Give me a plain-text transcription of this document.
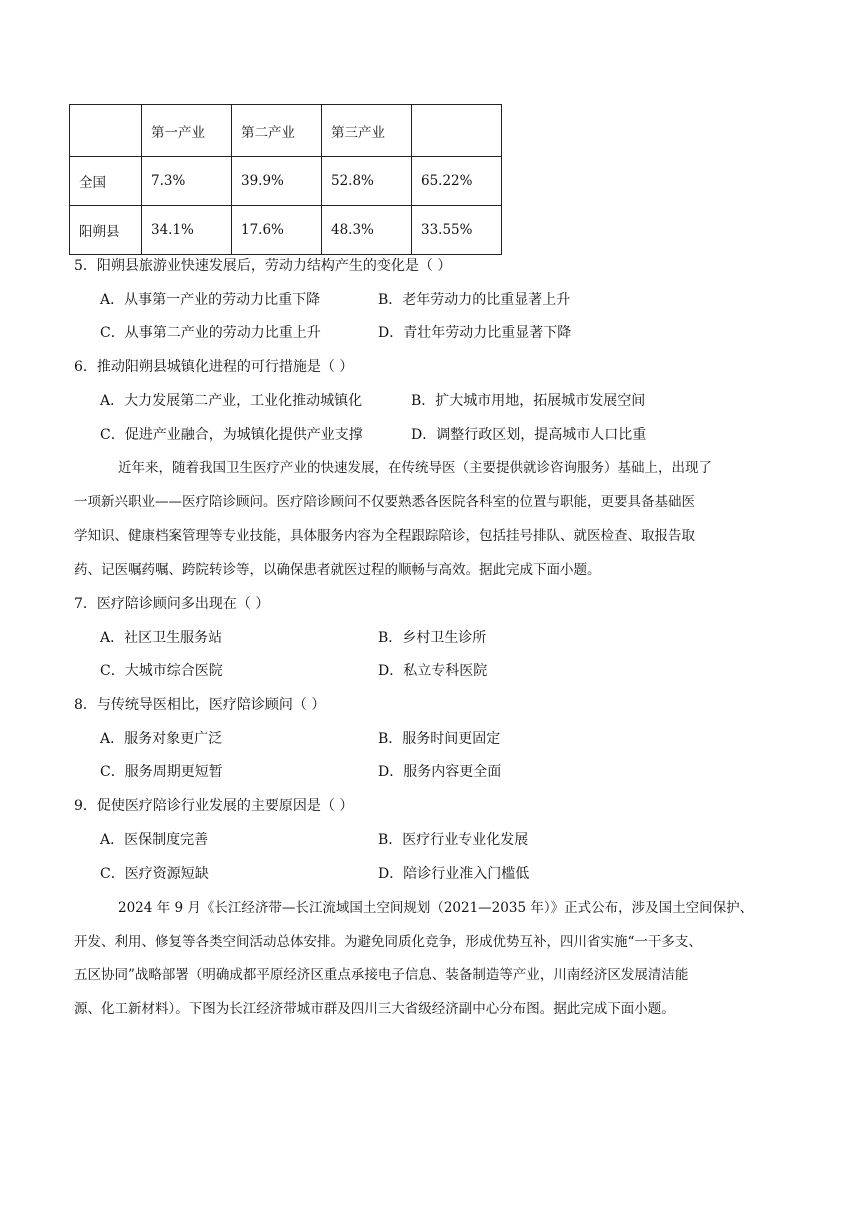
	第一产业	第二产业	第三产业	
全国	7.3%	39.9%	52.8%	65.22%
阳朔县	34.1%	17.6%	48.3%	33.55%
5．阳朔县旅游业快速发展后，劳动力结构产生的变化是（ ）
A．从事第一产业的劳动力比重下降	B．老年劳动力的比重显著上升
C．从事第二产业的劳动力比重上升	D．青壮年劳动力比重显著下降
6．推动阳朔县城镇化进程的可行措施是（ ）
A．大力发展第二产业，工业化推动城镇化	B．扩大城市用地，拓展城市发展空间
C．促进产业融合，为城镇化提供产业支撑	D．调整行政区划，提高城市人口比重
近年来，随着我国卫生医疗产业的快速发展，在传统导医（主要提供就诊咨询服务）基础上，出现了
一项新兴职业——医疗陪诊顾问。医疗陪诊顾问不仅要熟悉各医院各科室的位置与职能，更要具备基础医
学知识、健康档案管理等专业技能，具体服务内容为全程跟踪陪诊，包括挂号排队、就医检查、取报告取
药、记医嘱药嘱、跨院转诊等，以确保患者就医过程的顺畅与高效。据此完成下面小题。
7．医疗陪诊顾问多出现在（ ）
A．社区卫生服务站	B．乡村卫生诊所
C．大城市综合医院	D．私立专科医院
8．与传统导医相比，医疗陪诊顾问（ ）
A．服务对象更广泛	B．服务时间更固定
C．服务周期更短暂	D．服务内容更全面
9．促使医疗陪诊行业发展的主要原因是（ ）
A．医保制度完善	B．医疗行业专业化发展
C．医疗资源短缺	D．陪诊行业准入门槛低
2024 年 9 月《长江经济带—长江流域国土空间规划（2021—2035 年）》正式公布，涉及国土空间保护、
开发、利用、修复等各类空间活动总体安排。为避免同质化竞争，形成优势互补，四川省实施“一干多支、
五区协同”战略部署（明确成都平原经济区重点承接电子信息、装备制造等产业，川南经济区发展清洁能
源、化工新材料）。下图为长江经济带城市群及四川三大省级经济副中心分布图。据此完成下面小题。
